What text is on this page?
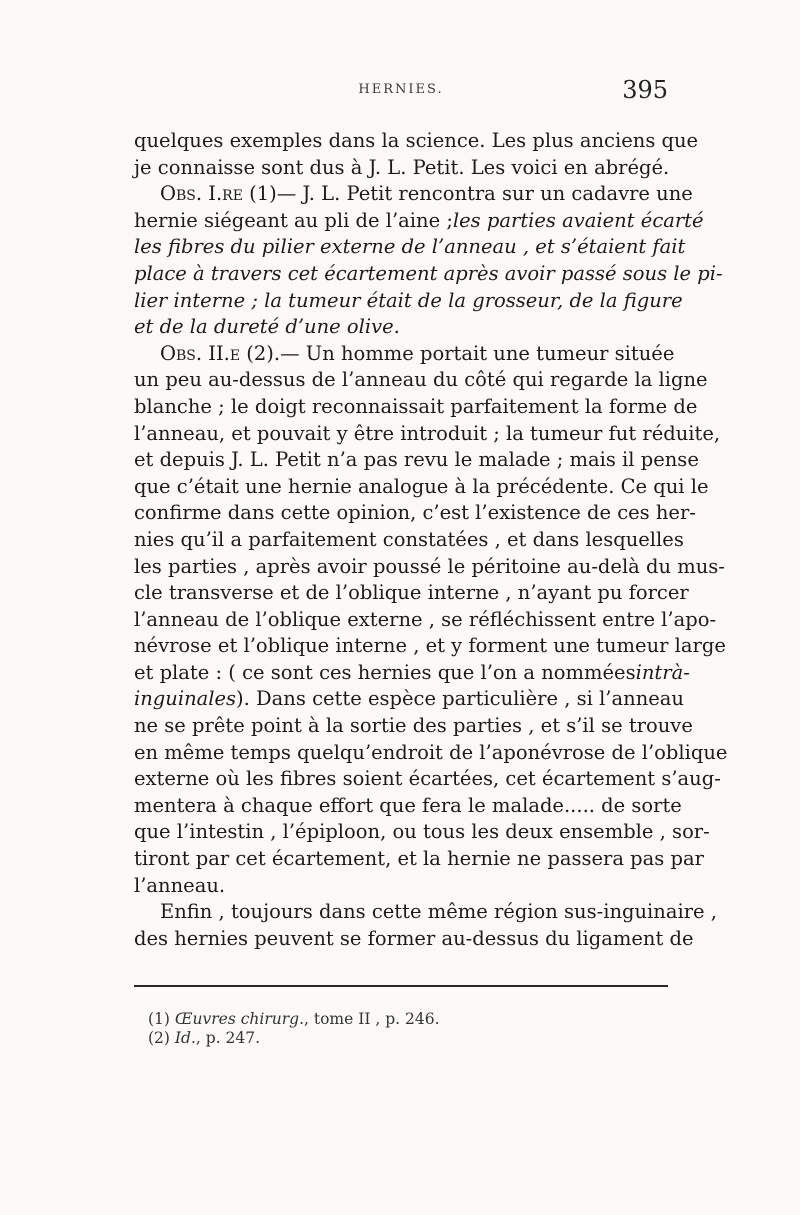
HERNIES.	395
quelques exemples dans la science. Les plus anciens que
je connaisse sont dus à J. L. Petit. Les voici en abrégé.
Obs. I.re (1) — J. L. Petit rencontra sur un cadavre une
hernie siégeant au pli de l’aine ; les parties avaient écarté
les fibres du pilier externe de l’anneau , et s’étaient fait
place à travers cet écartement après avoir passé sous le pi-
lier interne ; la tumeur était de la grosseur, de la figure
et de la dureté d’une olive.
Obs. II.e (2). — Un homme portait une tumeur située
un peu au-dessus de l’anneau du côté qui regarde la ligne
blanche ; le doigt reconnaissait parfaitement la forme de
l’anneau, et pouvait y être introduit ; la tumeur fut réduite,
et depuis J. L. Petit n’a pas revu le malade ; mais il pense
que c’était une hernie analogue à la précédente. Ce qui le
confirme dans cette opinion, c’est l’existence de ces her-
nies qu’il a parfaitement constatées , et dans lesquelles
les parties , après avoir poussé le péritoine au-delà du mus-
cle transverse et de l’oblique interne , n’ayant pu forcer
l’anneau de l’oblique externe , se réfléchissent entre l’apo-
névrose et l’oblique interne , et y forment une tumeur large
et plate : ( ce sont ces hernies que l’on a nommées intrà-
inguinales ). Dans cette espèce particulière , si l’anneau
ne se prête point à la sortie des parties , et s’il se trouve
en même temps quelqu’endroit de l’aponévrose de l’oblique
externe où les fibres soient écartées, cet écartement s’aug-
mentera à chaque effort que fera le malade..... de sorte
que l’intestin , l’épiploon, ou tous les deux ensemble , sor-
tiront par cet écartement, et la hernie ne passera pas par
l’anneau.
Enfin , toujours dans cette même région sus-inguinaire ,
des hernies peuvent se former au-dessus du ligament de
(1) Œuvres chirurg., tome II , p. 246.
(2) Id., p. 247.
